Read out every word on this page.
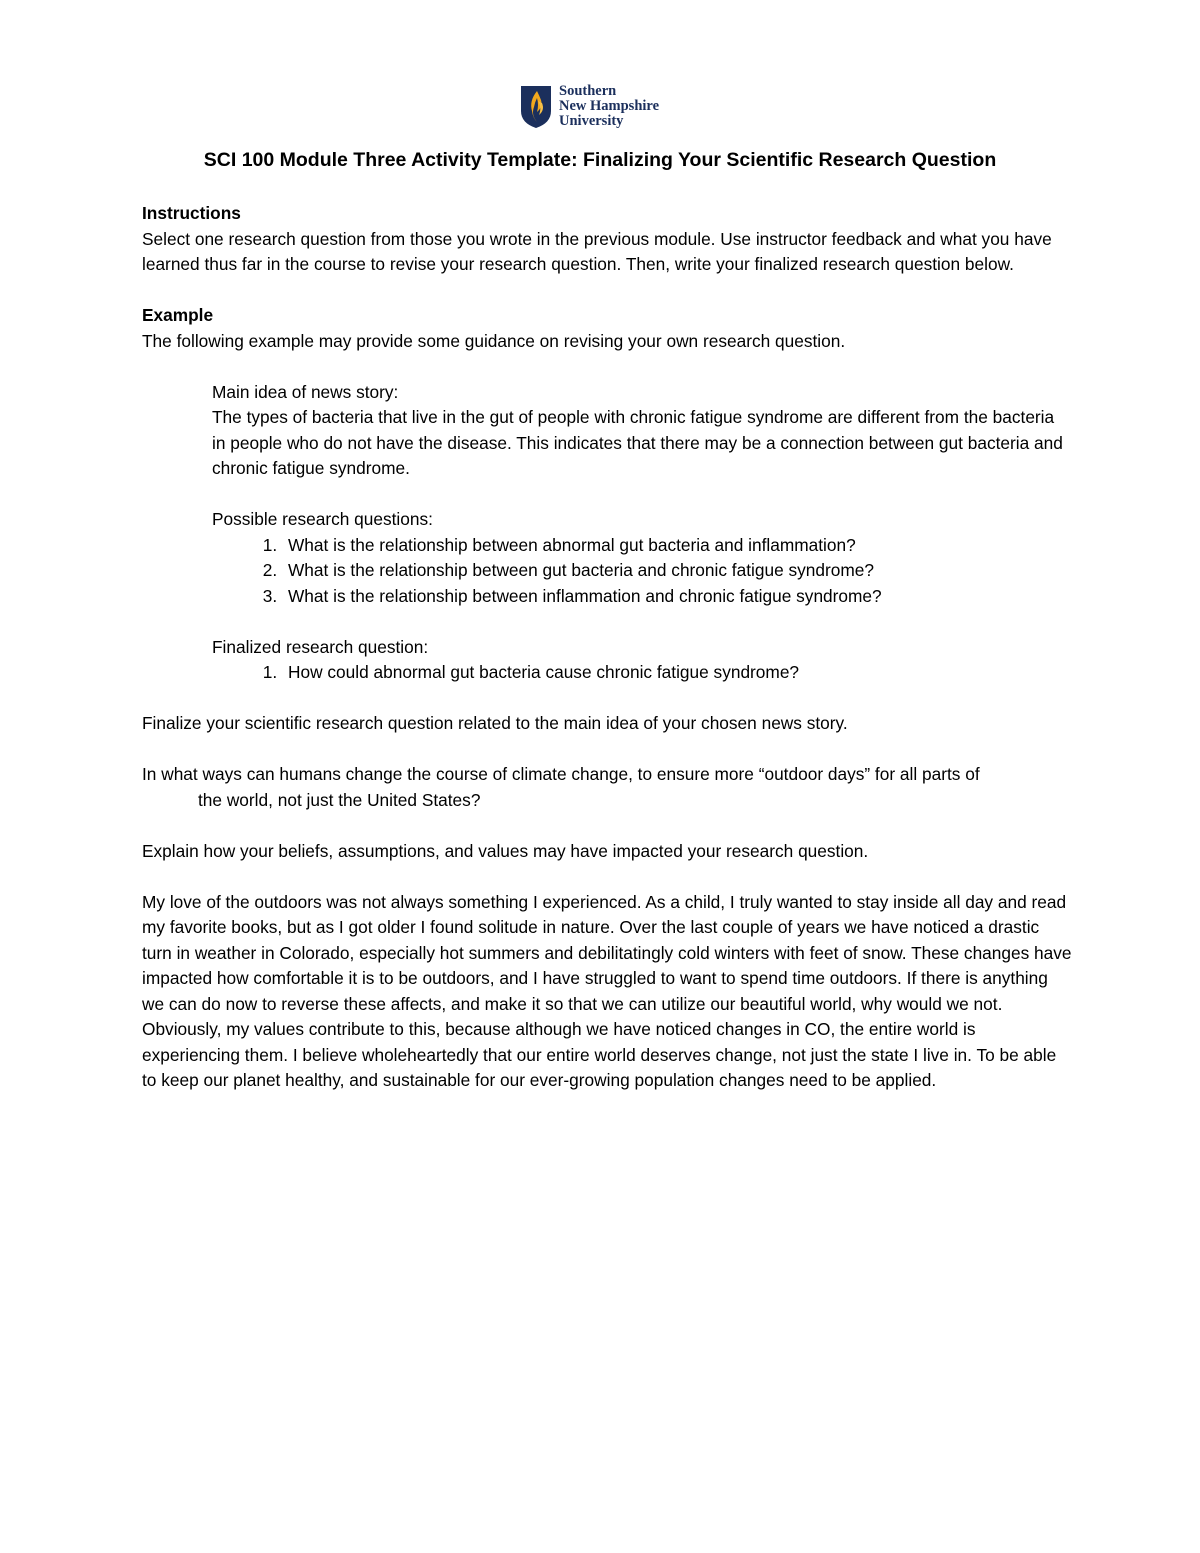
Southern
New Hampshire
University
SCI 100 Module Three Activity Template: Finalizing Your Scientific Research Question

Instructions

Select one research question from those you wrote in the previous module. Use instructor feedback and what you have learned thus far in the course to revise your research question. Then, write your finalized research question below.

Example

The following example may provide some guidance on revising your own research question.

Main idea of news story:

The types of bacteria that live in the gut of people with chronic fatigue syndrome are different from the bacteria in people who do not have the disease. This indicates that there may be a connection between gut bacteria and chronic fatigue syndrome.

Possible research questions:

1. What is the relationship between abnormal gut bacteria and inflammation?
2. What is the relationship between gut bacteria and chronic fatigue syndrome?
3. What is the relationship between inflammation and chronic fatigue syndrome?

Finalized research question:

1. How could abnormal gut bacteria cause chronic fatigue syndrome?

Finalize your scientific research question related to the main idea of your chosen news story.

In what ways can humans change the course of climate change, to ensure more “outdoor days” for all parts of the world, not just the United States?

Explain how your beliefs, assumptions, and values may have impacted your research question.

My love of the outdoors was not always something I experienced. As a child, I truly wanted to stay inside all day and read my favorite books, but as I got older I found solitude in nature. Over the last couple of years we have noticed a drastic turn in weather in Colorado, especially hot summers and debilitatingly cold winters with feet of snow. These changes have impacted how comfortable it is to be outdoors, and I have struggled to want to spend time outdoors. If there is anything we can do now to reverse these affects, and make it so that we can utilize our beautiful world, why would we not. Obviously, my values contribute to this, because although we have noticed changes in CO, the entire world is experiencing them. I believe wholeheartedly that our entire world deserves change, not just the state I live in. To be able to keep our planet healthy, and sustainable for our ever-growing population changes need to be applied.
